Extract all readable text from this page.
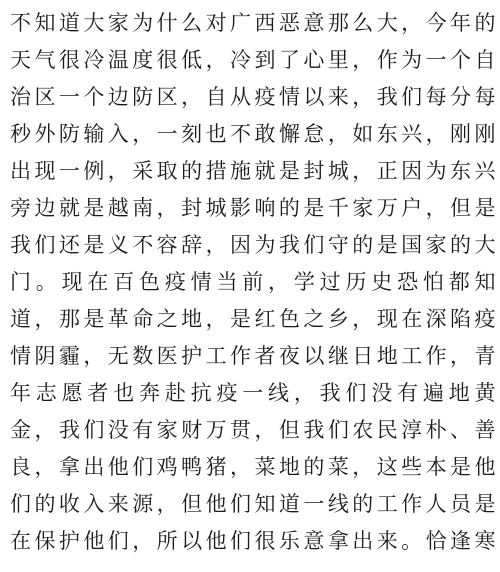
不知道大家为什么对广西恶意那么大，今年的
天气很冷温度很低，冷到了心里，作为一个自
治区一个边防区，自从疫情以来，我们每分每
秒外防输入，一刻也不敢懈怠，如东兴，刚刚
出现一例，采取的措施就是封城，正因为东兴
旁边就是越南，封城影响的是千家万户，但是
我们还是义不容辞，因为我们守的是国家的大
门。现在百色疫情当前，学过历史恐怕都知
道，那是革命之地，是红色之乡，现在深陷疫
情阴霾，无数医护工作者夜以继日地工作，青
年志愿者也奔赴抗疫一线，我们没有遍地黄
金，我们没有家财万贯，但我们农民淳朴、善
良，拿出他们鸡鸭猪，菜地的菜，这些本是他
们的收入来源，但他们知道一线的工作人员是
在保护他们，所以他们很乐意拿出来。恰逢寒
